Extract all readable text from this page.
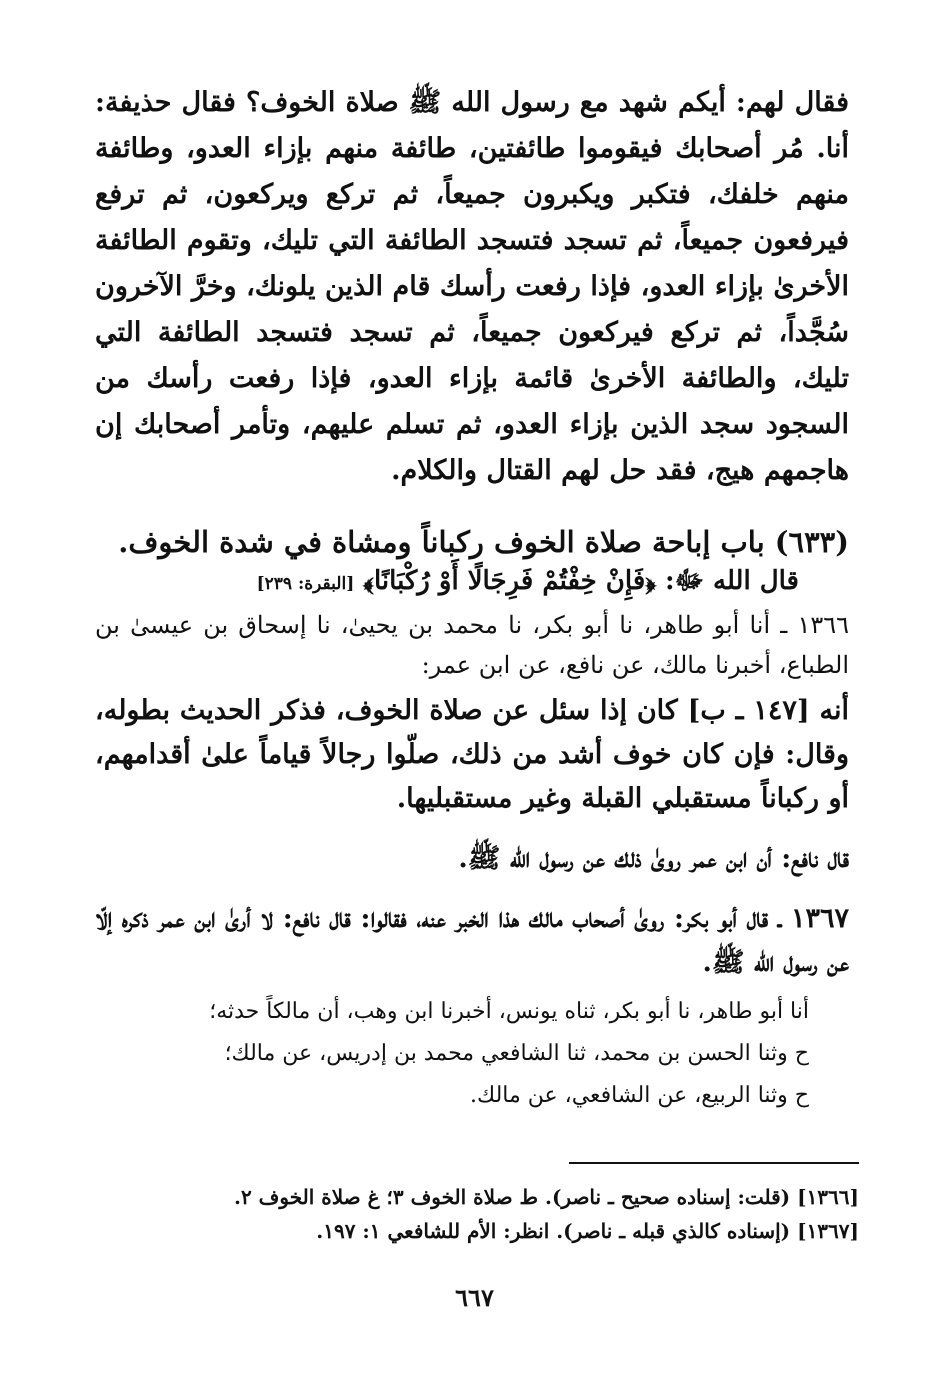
فقال لهم: أيكم شهد مع رسول الله ﷺ صلاة الخوف؟ فقال حذيفة: أنا. مُر أصحابك فيقوموا طائفتين، طائفة منهم بإزاء العدو، وطائفة منهم خلفك، فتكبر ويكبرون جميعاً، ثم تركع ويركعون، ثم ترفع فيرفعون جميعاً، ثم تسجد فتسجد الطائفة التي تليك، وتقوم الطائفة الأخرىٰ بإزاء العدو، فإذا رفعت رأسك قام الذين يلونك، وخرَّ الآخرون سُجَّداً، ثم تركع فيركعون جميعاً، ثم تسجد فتسجد الطائفة التي تليك، والطائفة الأخرىٰ قائمة بإزاء العدو، فإذا رفعت رأسك من السجود سجد الذين بإزاء العدو، ثم تسلم عليهم، وتأمر أصحابك إن هاجمهم هيج، فقد حل لهم القتال والكلام.

(٦٣٣) باب إباحة صلاة الخوف ركباناً ومشاة في شدة الخوف.

قال الله ﷻ: ﴿فَإِنْ خِفْتُمْ فَرِجَالًا أَوْ رُكْبَانًا﴾ [البقرة: ٢٣٩]

١٣٦٦ ـ أنا أبو طاهر، نا أبو بكر، نا محمد بن يحيىٰ، نا إسحاق بن عيسىٰ بن الطباع، أخبرنا مالك، عن نافع، عن ابن عمر:

أنه [١٤٧ ـ ب] كان إذا سئل عن صلاة الخوف، فذكر الحديث بطوله، وقال: فإن كان خوف أشد من ذلك، صلّوا رجالاً قياماً علىٰ أقدامهم، أو ركباناً مستقبلي القبلة وغير مستقبليها.

قال نافع: أن ابن عمر روىٰ ذلك عن رسول الله ﷺ.

١٣٦٧ ـ قال أبو بكر: روىٰ أصحاب مالك هذا الخبر عنه، فقالوا: قال نافع: لا أرىٰ ابن عمر ذكره إلّا عن رسول الله ﷺ.

أنا أبو طاهر، نا أبو بكر، ثناه يونس، أخبرنا ابن وهب، أن مالكاً حدثه؛

ح وثنا الحسن بن محمد، ثنا الشافعي محمد بن إدريس، عن مالك؛

ح وثنا الربيع، عن الشافعي، عن مالك.

[١٣٦٦] (قلت: إسناده صحيح ـ ناصر). ط صلاة الخوف ٣؛ غ صلاة الخوف ٢.

[١٣٦٧] (إسناده كالذي قبله ـ ناصر). انظر: الأم للشافعي ١: ١٩٧.

٦٦٧
